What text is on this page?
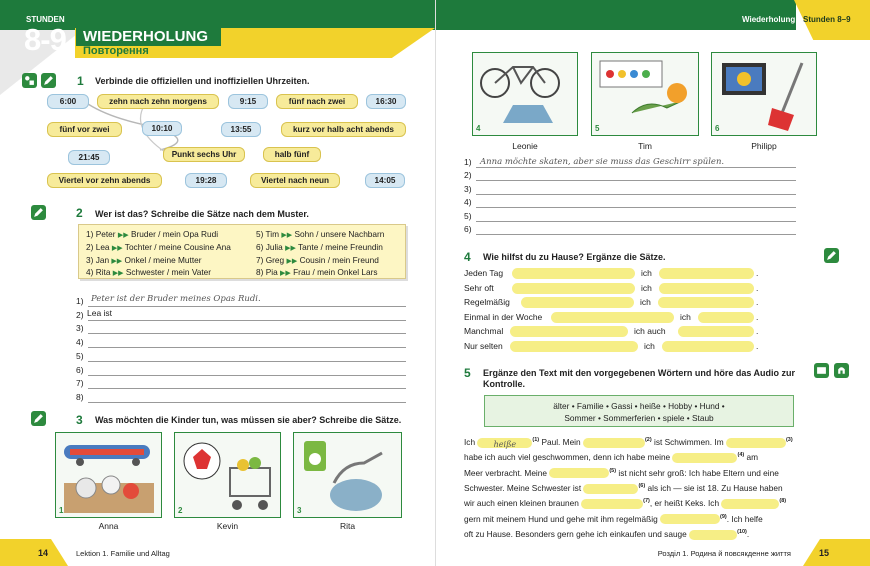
STUNDEN
8-9 WIEDERHOLUNG
Повторення
1 Verbinde die offiziellen und inoffiziellen Uhrzeiten.
6:00	zehn nach zehn morgens	9:15	fünf nach zwei	16:30
fünf vor zwei	10:10	13:55	kurz vor halb acht abends
21:45	Punkt sechs Uhr	halb fünf
Viertel vor zehn abends	19:28	Viertel nach neun	14:05
2 Wer ist das? Schreibe die Sätze nach dem Muster.
1) Peter ▶▶ Bruder / mein Opa Rudi
2) Lea ▶▶ Tochter / meine Cousine Ana
3) Jan ▶▶ Onkel / meine Mutter
4) Rita ▶▶ Schwester / mein Vater
5) Tim ▶▶ Sohn / unsere Nachbarn
6) Julia ▶▶ Tante / meine Freundin
7) Greg ▶▶ Cousin / mein Freund
8) Pia ▶▶ Frau / mein Onkel Lars
1)
2)
3)
4)
5)
6)
7)
8)
Peter ist der Bruder meines Opas Rudi.
Lea ist
3 Was möchten die Kinder tun, was müssen sie aber? Schreibe die Sätze.
1
Anna
2
Kevin
3
Rita
14	Lektion 1. Familie und Alltag
Wiederholung Stunden 8–9
4
Leonie
5
Tim
6
Philipp
1)
2)
3)
4)
5)
6)
Anna möchte skaten, aber sie muss das Geschirr spülen.
4 Wie hilfst du zu Hause? Ergänze die Sätze.
Jeden Tag	ich	.
Sehr oft	ich	.
Regelmäßig	ich	.
Einmal in der Woche	ich	.
Manchmal	ich auch	.
Nur selten	ich	.
5 Ergänze den Text mit den vorgegebenen Wörtern und höre das Audio zur Kontrolle.
älter • Familie • Gassi • heiße • Hobby • Hund •
Sommer • Sommerferien • spiele • Staub
Ich heiße	$^{(1)}$ Paul. Mein	$^{(2)}$ ist Schwimmen. Im	$^{(3)}$
habe ich auch viel geschwommen, denn ich habe meine	$^{(4)}$ am
Meer verbracht. Meine	$^{(5)}$ ist nicht sehr groß: Ich habe Eltern und eine
Schwester. Meine Schwester ist	$^{(6)}$ als ich — sie ist 18. Zu Hause haben
wir auch einen kleinen braunen	$^{(7)}$, er heißt Keks. Ich	$^{(8)}$
gern mit meinem Hund und gehe mit ihm regelmäßig	$^{(9)}$. Ich helfe
oft zu Hause. Besonders gern gehe ich einkaufen und sauge	$^{(10)}$.
Розділ 1. Родина й повсякденне життя	15
